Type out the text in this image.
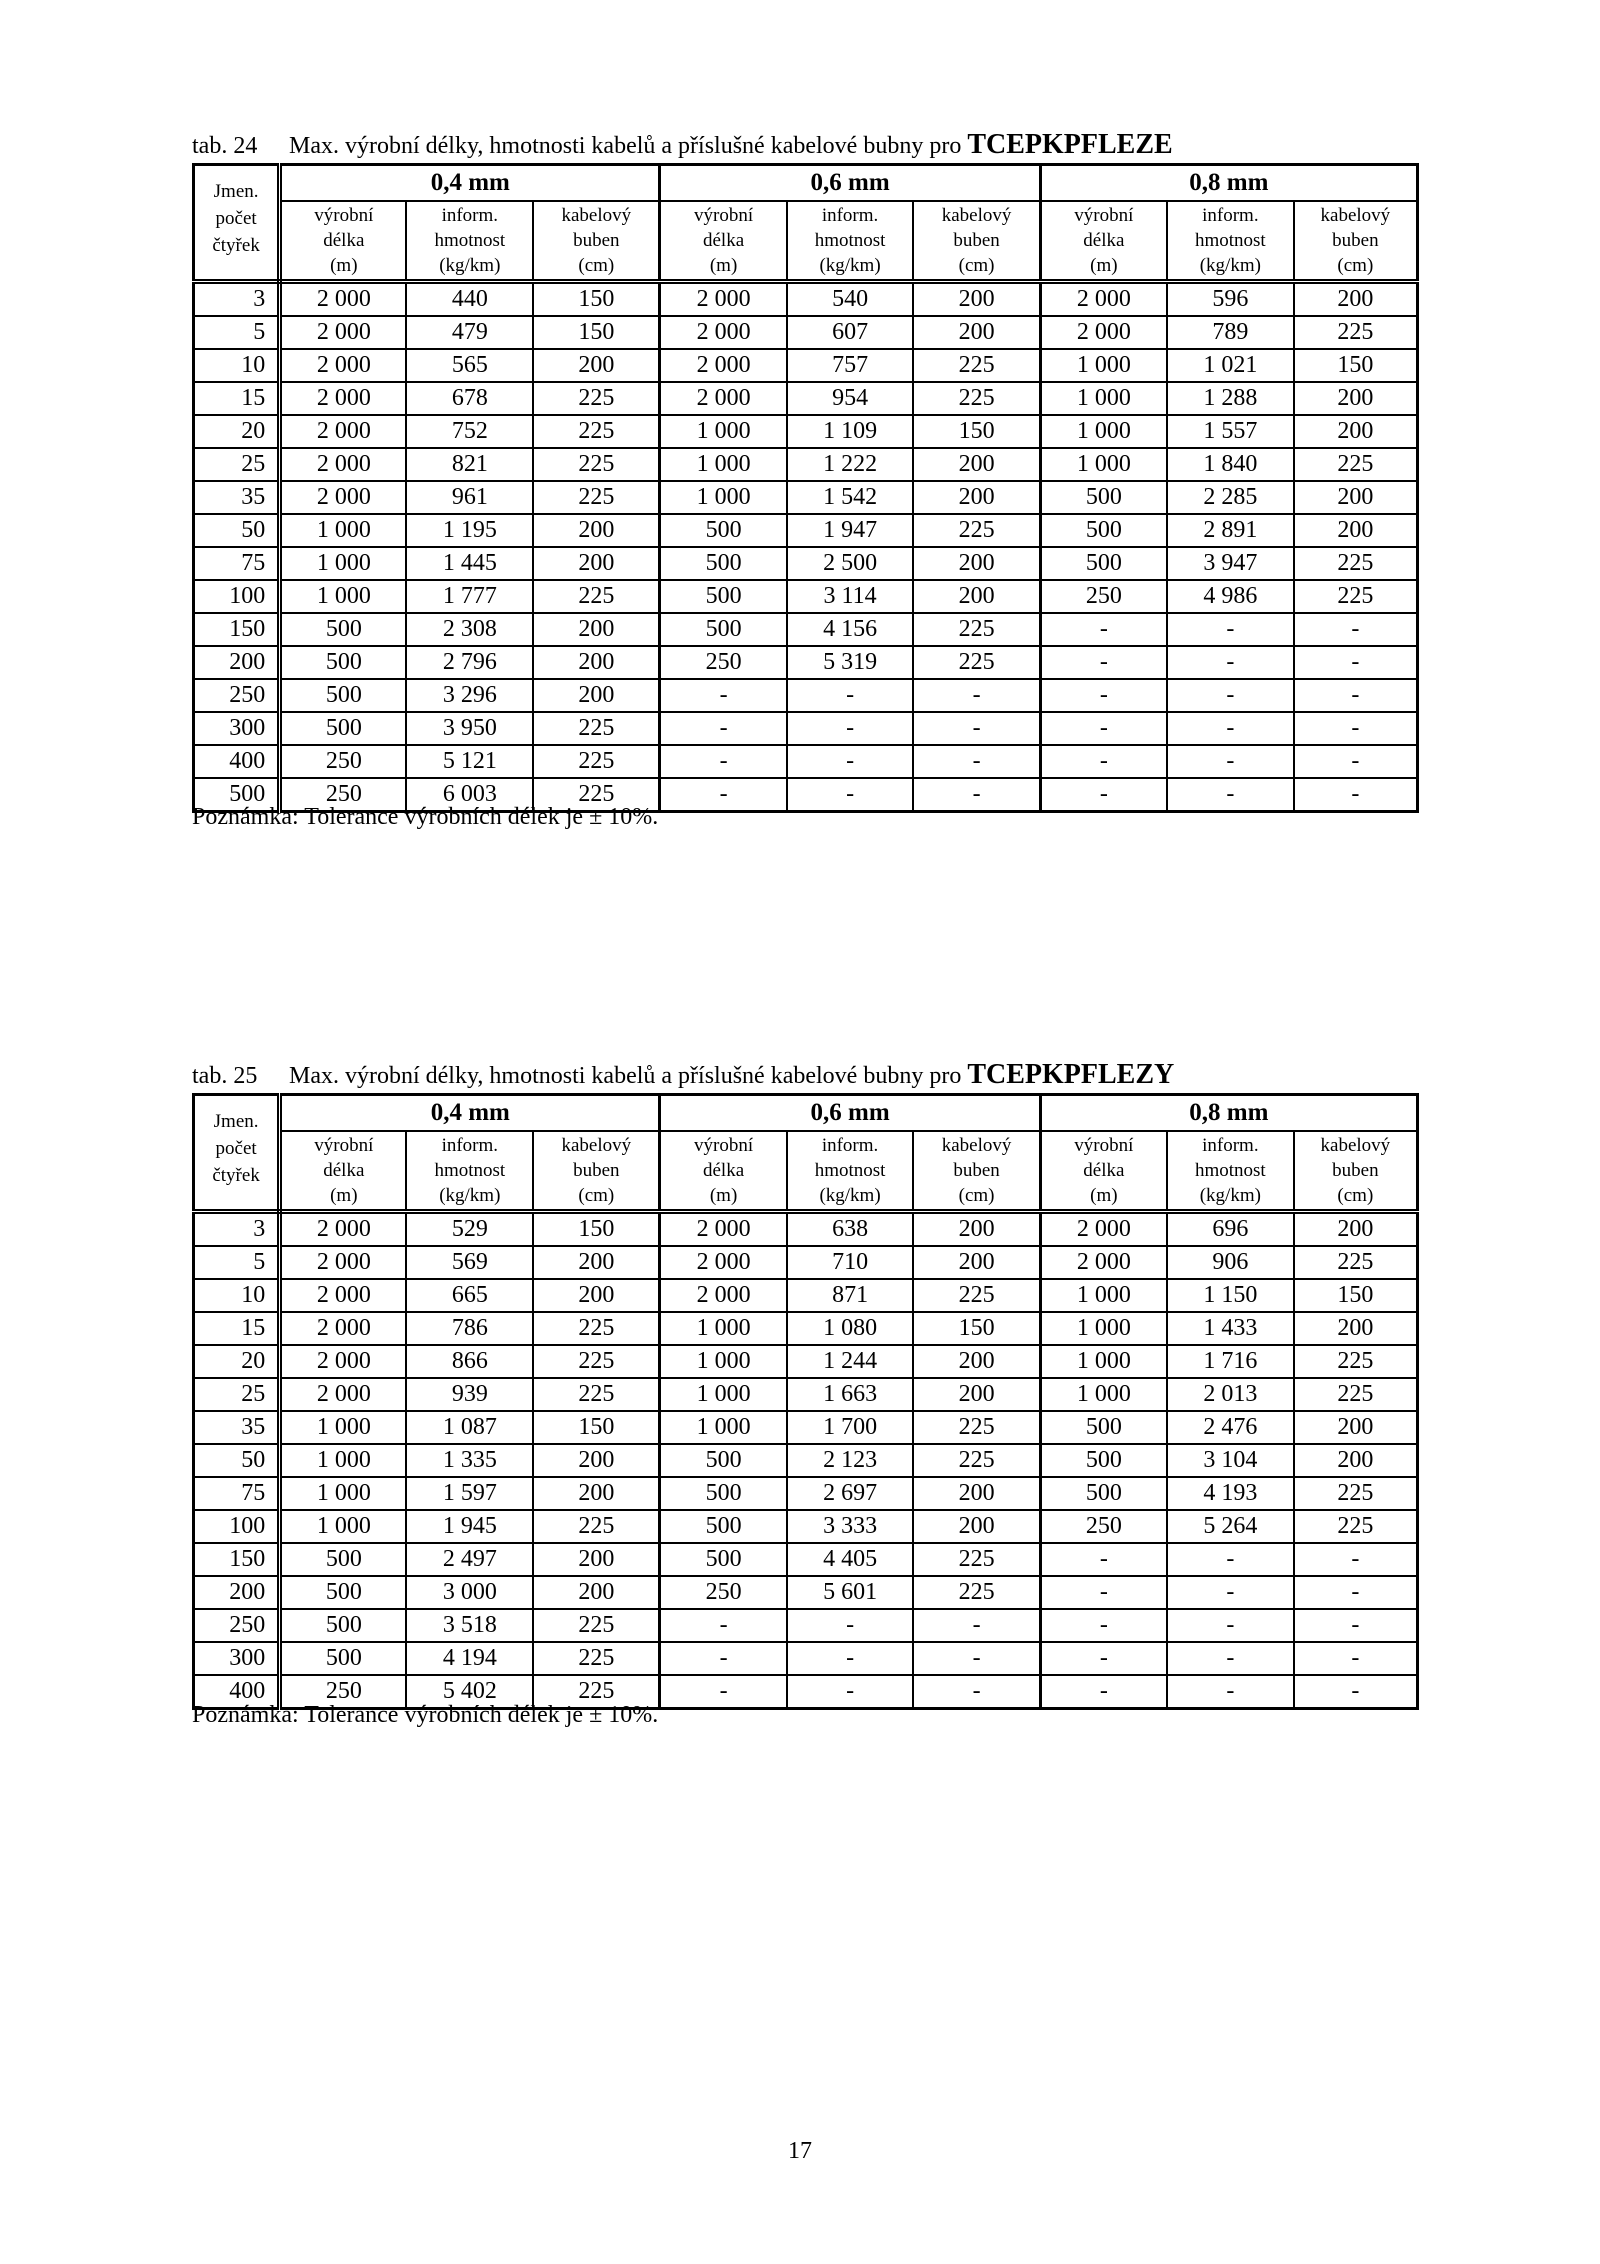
tab. 24 Max. výrobní délky, hmotnosti kabelů a příslušné kabelové bubny pro TCEPKPFLEZE
Jmen.
počet
čtyřek	0,4 mm			0,6 mm			0,8 mm		
	výrobní
délka
(m)	inform.
hmotnost
(kg/km)	kabelový
buben
(cm)	výrobní
délka
(m)	inform.
hmotnost
(kg/km)	kabelový
buben
(cm)	výrobní
délka
(m)	inform.
hmotnost
(kg/km)	kabelový
buben
(cm)
3	2 000	440	150	2 000	540	200	2 000	596	200
5	2 000	479	150	2 000	607	200	2 000	789	225
10	2 000	565	200	2 000	757	225	1 000	1 021	150
15	2 000	678	225	2 000	954	225	1 000	1 288	200
20	2 000	752	225	1 000	1 109	150	1 000	1 557	200
25	2 000	821	225	1 000	1 222	200	1 000	1 840	225
35	2 000	961	225	1 000	1 542	200	500	2 285	200
50	1 000	1 195	200	500	1 947	225	500	2 891	200
75	1 000	1 445	200	500	2 500	200	500	3 947	225
100	1 000	1 777	225	500	3 114	200	250	4 986	225
150	500	2 308	200	500	4 156	225	-	-	-
200	500	2 796	200	250	5 319	225	-	-	-
250	500	3 296	200	-	-	-	-	-	-
300	500	3 950	225	-	-	-	-	-	-
400	250	5 121	225	-	-	-	-	-	-
500	250	6 003	225	-	-	-	-	-	-
Poznámka: Tolerance výrobních délek je ± 10%.
tab. 25 Max. výrobní délky, hmotnosti kabelů a příslušné kabelové bubny pro TCEPKPFLEZY
Jmen.
počet
čtyřek	0,4 mm			0,6 mm			0,8 mm		
	výrobní
délka
(m)	inform.
hmotnost
(kg/km)	kabelový
buben
(cm)	výrobní
délka
(m)	inform.
hmotnost
(kg/km)	kabelový
buben
(cm)	výrobní
délka
(m)	inform.
hmotnost
(kg/km)	kabelový
buben
(cm)
3	2 000	529	150	2 000	638	200	2 000	696	200
5	2 000	569	200	2 000	710	200	2 000	906	225
10	2 000	665	200	2 000	871	225	1 000	1 150	150
15	2 000	786	225	1 000	1 080	150	1 000	1 433	200
20	2 000	866	225	1 000	1 244	200	1 000	1 716	225
25	2 000	939	225	1 000	1 663	200	1 000	2 013	225
35	1 000	1 087	150	1 000	1 700	225	500	2 476	200
50	1 000	1 335	200	500	2 123	225	500	3 104	200
75	1 000	1 597	200	500	2 697	200	500	4 193	225
100	1 000	1 945	225	500	3 333	200	250	5 264	225
150	500	2 497	200	500	4 405	225	-	-	-
200	500	3 000	200	250	5 601	225	-	-	-
250	500	3 518	225	-	-	-	-	-	-
300	500	4 194	225	-	-	-	-	-	-
400	250	5 402	225	-	-	-	-	-	-
Poznámka: Tolerance výrobních délek je ± 10%.
17
